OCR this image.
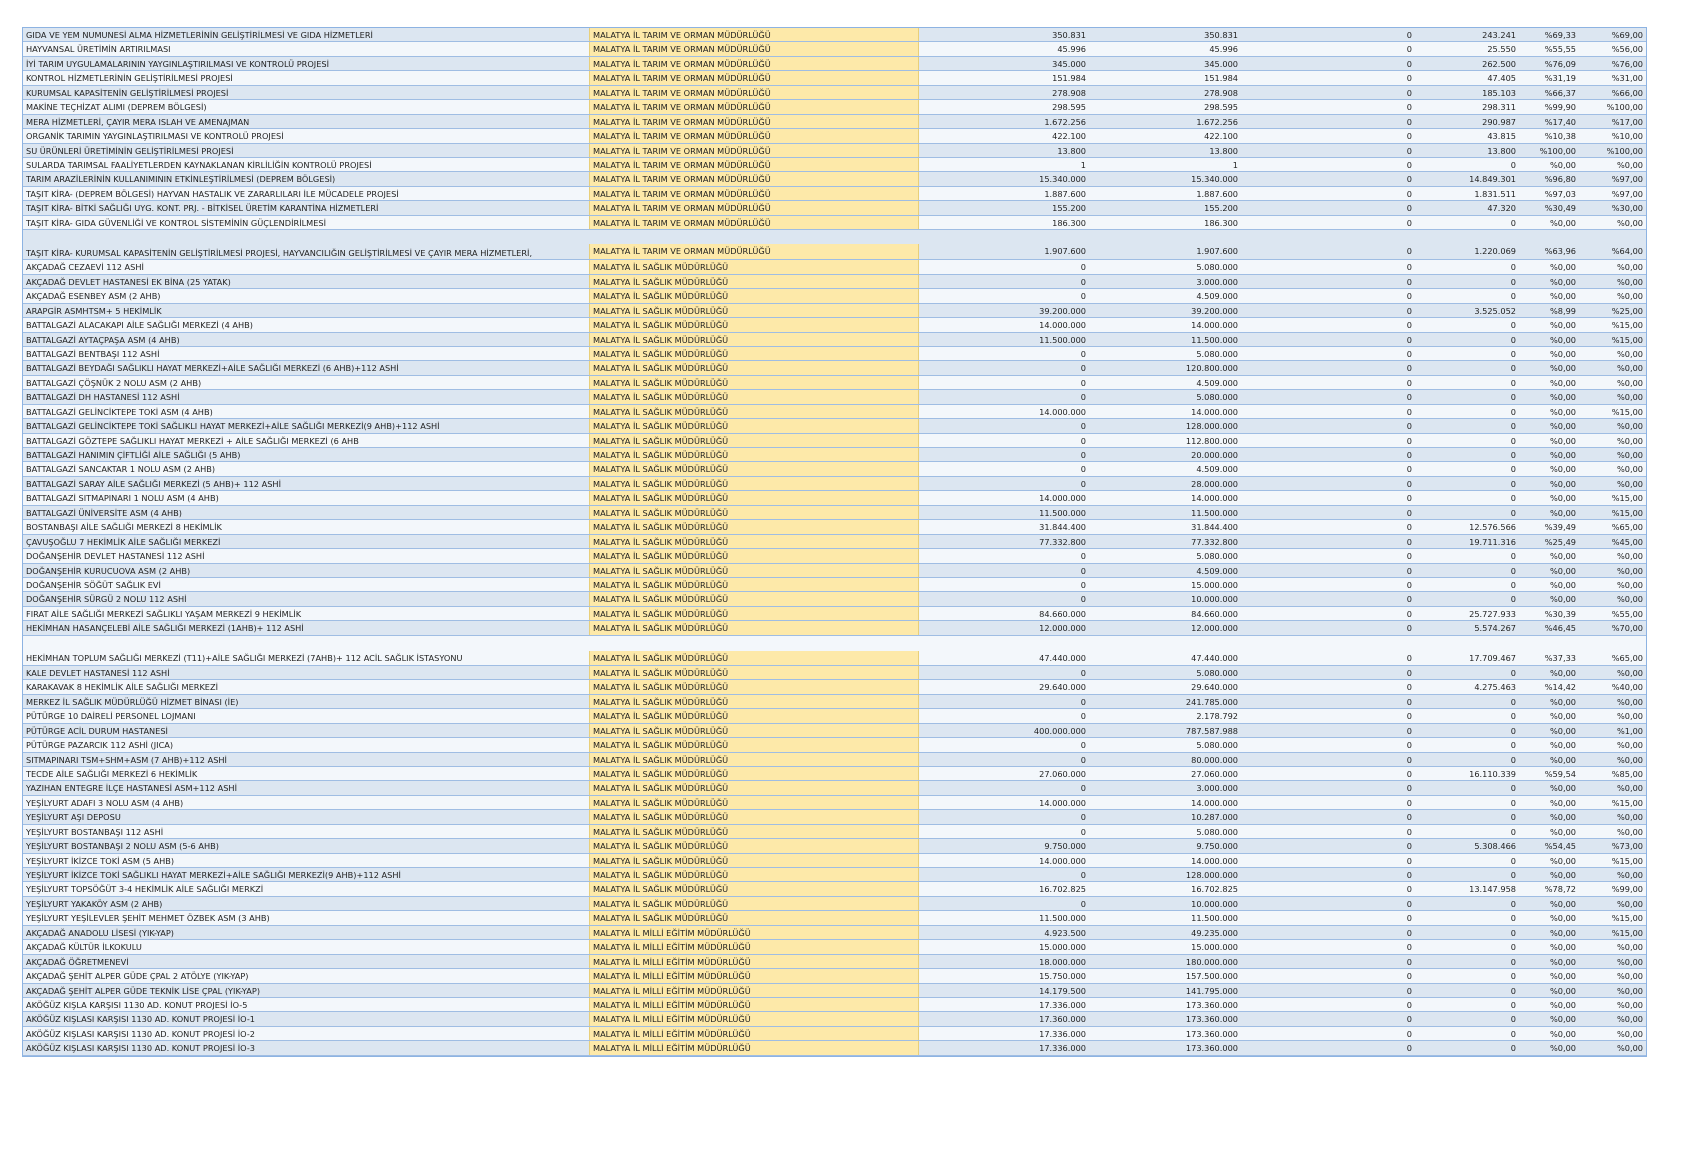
GIDA VE YEM NUMUNESİ ALMA HİZMETLERİNİN GELİŞTİRİLMESİ VE GIDA HİZMETLERİ	MALATYA İL TARIM VE ORMAN MÜDÜRLÜĞÜ	350.831	350.831	0	243.241	%69,33	%69,00
HAYVANSAL ÜRETİMİN ARTIRILMASI	MALATYA İL TARIM VE ORMAN MÜDÜRLÜĞÜ	45.996	45.996	0	25.550	%55,55	%56,00
İYİ TARIM UYGULAMALARININ YAYGINLAŞTIRILMASI VE KONTROLÜ PROJESİ	MALATYA İL TARIM VE ORMAN MÜDÜRLÜĞÜ	345.000	345.000	0	262.500	%76,09	%76,00
KONTROL HİZMETLERİNİN GELİŞTİRİLMESİ PROJESİ	MALATYA İL TARIM VE ORMAN MÜDÜRLÜĞÜ	151.984	151.984	0	47.405	%31,19	%31,00
KURUMSAL KAPASİTENİN GELİŞTİRİLMESİ PROJESİ	MALATYA İL TARIM VE ORMAN MÜDÜRLÜĞÜ	278.908	278.908	0	185.103	%66,37	%66,00
MAKİNE TEÇHİZAT ALIMI (DEPREM BÖLGESİ)	MALATYA İL TARIM VE ORMAN MÜDÜRLÜĞÜ	298.595	298.595	0	298.311	%99,90	%100,00
MERA HİZMETLERİ, ÇAYIR MERA ISLAH VE AMENAJMAN	MALATYA İL TARIM VE ORMAN MÜDÜRLÜĞÜ	1.672.256	1.672.256	0	290.987	%17,40	%17,00
ORGANİK TARIMIN YAYGINLAŞTIRILMASI VE KONTROLÜ PROJESİ	MALATYA İL TARIM VE ORMAN MÜDÜRLÜĞÜ	422.100	422.100	0	43.815	%10,38	%10,00
SU ÜRÜNLERİ ÜRETİMİNİN GELİŞTİRİLMESİ PROJESİ	MALATYA İL TARIM VE ORMAN MÜDÜRLÜĞÜ	13.800	13.800	0	13.800	%100,00	%100,00
SULARDA TARIMSAL FAALİYETLERDEN KAYNAKLANAN KİRLİLİĞİN KONTROLÜ PROJESİ	MALATYA İL TARIM VE ORMAN MÜDÜRLÜĞÜ	1	1	0	0	%0,00	%0,00
TARIM ARAZİLERİNİN KULLANIMININ ETKİNLEŞTİRİLMESİ (DEPREM BÖLGESİ)	MALATYA İL TARIM VE ORMAN MÜDÜRLÜĞÜ	15.340.000	15.340.000	0	14.849.301	%96,80	%97,00
TAŞIT KİRA- (DEPREM BÖLGESİ) HAYVAN HASTALIK VE ZARARLILARI İLE MÜCADELE PROJESİ	MALATYA İL TARIM VE ORMAN MÜDÜRLÜĞÜ	1.887.600	1.887.600	0	1.831.511	%97,03	%97,00
TAŞIT KİRA- BİTKİ SAĞLIĞI UYG. KONT. PRJ. - BİTKİSEL ÜRETİM KARANTİNA HİZMETLERİ	MALATYA İL TARIM VE ORMAN MÜDÜRLÜĞÜ	155.200	155.200	0	47.320	%30,49	%30,00
TAŞIT KİRA- GIDA GÜVENLİĞİ VE KONTROL SİSTEMİNİN GÜÇLENDİRİLMESİ	MALATYA İL TARIM VE ORMAN MÜDÜRLÜĞÜ	186.300	186.300	0	0	%0,00	%0,00
TAŞIT KİRA- KURUMSAL KAPASİTENİN GELİŞTİRİLMESİ PROJESİ, HAYVANCILIĞIN GELİŞTİRİLMESİ VE ÇAYIR MERA HİZMETLERİ,	MALATYA İL TARIM VE ORMAN MÜDÜRLÜĞÜ	1.907.600	1.907.600	0	1.220.069	%63,96	%64,00
AKÇADAĞ CEZAEVİ 112 ASHİ	MALATYA İL SAĞLIK MÜDÜRLÜĞÜ	0	5.080.000	0	0	%0,00	%0,00
AKÇADAĞ DEVLET HASTANESİ EK BİNA (25 YATAK)	MALATYA İL SAĞLIK MÜDÜRLÜĞÜ	0	3.000.000	0	0	%0,00	%0,00
AKÇADAĞ ESENBEY ASM (2 AHB)	MALATYA İL SAĞLIK MÜDÜRLÜĞÜ	0	4.509.000	0	0	%0,00	%0,00
ARAPGİR ASMHTSM+ 5 HEKİMLİK	MALATYA İL SAĞLIK MÜDÜRLÜĞÜ	39.200.000	39.200.000	0	3.525.052	%8,99	%25,00
BATTALGAZİ ALACAKAPI AİLE SAĞLIĞI MERKEZİ (4 AHB)	MALATYA İL SAĞLIK MÜDÜRLÜĞÜ	14.000.000	14.000.000	0	0	%0,00	%15,00
BATTALGAZİ AYTAÇPAŞA ASM (4 AHB)	MALATYA İL SAĞLIK MÜDÜRLÜĞÜ	11.500.000	11.500.000	0	0	%0,00	%15,00
BATTALGAZİ BENTBAŞI 112 ASHİ	MALATYA İL SAĞLIK MÜDÜRLÜĞÜ	0	5.080.000	0	0	%0,00	%0,00
BATTALGAZİ BEYDAĞI SAĞLIKLI HAYAT MERKEZİ+AİLE SAĞLIĞI MERKEZİ (6 AHB)+112 ASHİ	MALATYA İL SAĞLIK MÜDÜRLÜĞÜ	0	120.800.000	0	0	%0,00	%0,00
BATTALGAZİ ÇÖŞNÜK 2 NOLU ASM (2 AHB)	MALATYA İL SAĞLIK MÜDÜRLÜĞÜ	0	4.509.000	0	0	%0,00	%0,00
BATTALGAZİ DH HASTANESİ 112 ASHİ	MALATYA İL SAĞLIK MÜDÜRLÜĞÜ	0	5.080.000	0	0	%0,00	%0,00
BATTALGAZİ GELİNCİKTEPE TOKİ ASM (4 AHB)	MALATYA İL SAĞLIK MÜDÜRLÜĞÜ	14.000.000	14.000.000	0	0	%0,00	%15,00
BATTALGAZİ GELİNCİKTEPE TOKİ SAĞLIKLI HAYAT MERKEZİ+AİLE SAĞLIĞI MERKEZİ(9 AHB)+112 ASHİ	MALATYA İL SAĞLIK MÜDÜRLÜĞÜ	0	128.000.000	0	0	%0,00	%0,00
BATTALGAZİ GÖZTEPE SAĞLIKLI HAYAT MERKEZİ + AİLE SAĞLIĞI MERKEZİ (6 AHB	MALATYA İL SAĞLIK MÜDÜRLÜĞÜ	0	112.800.000	0	0	%0,00	%0,00
BATTALGAZİ HANIMIN ÇİFTLİĞİ AİLE SAĞLIĞI (5 AHB)	MALATYA İL SAĞLIK MÜDÜRLÜĞÜ	0	20.000.000	0	0	%0,00	%0,00
BATTALGAZİ SANCAKTAR 1 NOLU ASM (2 AHB)	MALATYA İL SAĞLIK MÜDÜRLÜĞÜ	0	4.509.000	0	0	%0,00	%0,00
BATTALGAZİ SARAY AİLE SAĞLIĞI MERKEZİ (5 AHB)+ 112 ASHİ	MALATYA İL SAĞLIK MÜDÜRLÜĞÜ	0	28.000.000	0	0	%0,00	%0,00
BATTALGAZİ SITMAPINARI 1 NOLU ASM (4 AHB)	MALATYA İL SAĞLIK MÜDÜRLÜĞÜ	14.000.000	14.000.000	0	0	%0,00	%15,00
BATTALGAZİ ÜNİVERSİTE ASM (4 AHB)	MALATYA İL SAĞLIK MÜDÜRLÜĞÜ	11.500.000	11.500.000	0	0	%0,00	%15,00
BOSTANBAŞI AİLE SAĞLIĞI MERKEZİ 8 HEKİMLİK	MALATYA İL SAĞLIK MÜDÜRLÜĞÜ	31.844.400	31.844.400	0	12.576.566	%39,49	%65,00
ÇAVUŞOĞLU 7 HEKİMLİK AİLE SAĞLIĞI MERKEZİ	MALATYA İL SAĞLIK MÜDÜRLÜĞÜ	77.332.800	77.332.800	0	19.711.316	%25,49	%45,00
DOĞANŞEHİR DEVLET HASTANESİ 112 ASHİ	MALATYA İL SAĞLIK MÜDÜRLÜĞÜ	0	5.080.000	0	0	%0,00	%0,00
DOĞANŞEHİR KURUCUOVA ASM (2 AHB)	MALATYA İL SAĞLIK MÜDÜRLÜĞÜ	0	4.509.000	0	0	%0,00	%0,00
DOĞANŞEHİR SÖĞÜT SAĞLIK EVİ	MALATYA İL SAĞLIK MÜDÜRLÜĞÜ	0	15.000.000	0	0	%0,00	%0,00
DOĞANŞEHİR SÜRGÜ 2 NOLU 112 ASHİ	MALATYA İL SAĞLIK MÜDÜRLÜĞÜ	0	10.000.000	0	0	%0,00	%0,00
FIRAT AİLE SAĞLIĞI MERKEZİ SAĞLIKLI YAŞAM MERKEZİ 9 HEKİMLİK	MALATYA İL SAĞLIK MÜDÜRLÜĞÜ	84.660.000	84.660.000	0	25.727.933	%30,39	%55,00
HEKİMHAN HASANÇELEBİ AİLE SAĞLIĞI MERKEZİ (1AHB)+ 112 ASHİ	MALATYA İL SAĞLIK MÜDÜRLÜĞÜ	12.000.000	12.000.000	0	5.574.267	%46,45	%70,00
HEKİMHAN TOPLUM SAĞLIĞI MERKEZİ (T11)+AİLE SAĞLIĞI MERKEZİ (7AHB)+ 112 ACİL SAĞLIK İSTASYONU	MALATYA İL SAĞLIK MÜDÜRLÜĞÜ	47.440.000	47.440.000	0	17.709.467	%37,33	%65,00
KALE DEVLET HASTANESİ 112 ASHİ	MALATYA İL SAĞLIK MÜDÜRLÜĞÜ	0	5.080.000	0	0	%0,00	%0,00
KARAKAVAK 8 HEKİMLİK AİLE SAĞLIĞI MERKEZİ	MALATYA İL SAĞLIK MÜDÜRLÜĞÜ	29.640.000	29.640.000	0	4.275.463	%14,42	%40,00
MERKEZ İL SAĞLIK MÜDÜRLÜĞÜ HİZMET BİNASI (İE)	MALATYA İL SAĞLIK MÜDÜRLÜĞÜ	0	241.785.000	0	0	%0,00	%0,00
PÜTÜRGE 10 DAİRELİ PERSONEL LOJMANI	MALATYA İL SAĞLIK MÜDÜRLÜĞÜ	0	2.178.792	0	0	%0,00	%0,00
PÜTÜRGE ACİL DURUM HASTANESİ	MALATYA İL SAĞLIK MÜDÜRLÜĞÜ	400.000.000	787.587.988	0	0	%0,00	%1,00
PÜTÜRGE PAZARCIK 112 ASHİ (JICA)	MALATYA İL SAĞLIK MÜDÜRLÜĞÜ	0	5.080.000	0	0	%0,00	%0,00
SITMAPINARI TSM+SHM+ASM (7 AHB)+112 ASHİ	MALATYA İL SAĞLIK MÜDÜRLÜĞÜ	0	80.000.000	0	0	%0,00	%0,00
TECDE AİLE SAĞLIĞI MERKEZİ 6 HEKİMLİK	MALATYA İL SAĞLIK MÜDÜRLÜĞÜ	27.060.000	27.060.000	0	16.110.339	%59,54	%85,00
YAZIHAN ENTEGRE İLÇE HASTANESİ ASM+112 ASHİ	MALATYA İL SAĞLIK MÜDÜRLÜĞÜ	0	3.000.000	0	0	%0,00	%0,00
YEŞİLYURT ADAFI 3 NOLU ASM (4 AHB)	MALATYA İL SAĞLIK MÜDÜRLÜĞÜ	14.000.000	14.000.000	0	0	%0,00	%15,00
YEŞİLYURT AŞI DEPOSU	MALATYA İL SAĞLIK MÜDÜRLÜĞÜ	0	10.287.000	0	0	%0,00	%0,00
YEŞİLYURT BOSTANBAŞI 112 ASHİ	MALATYA İL SAĞLIK MÜDÜRLÜĞÜ	0	5.080.000	0	0	%0,00	%0,00
YEŞİLYURT BOSTANBAŞI 2 NOLU ASM (5-6 AHB)	MALATYA İL SAĞLIK MÜDÜRLÜĞÜ	9.750.000	9.750.000	0	5.308.466	%54,45	%73,00
YEŞİLYURT İKİZCE TOKİ ASM (5 AHB)	MALATYA İL SAĞLIK MÜDÜRLÜĞÜ	14.000.000	14.000.000	0	0	%0,00	%15,00
YEŞİLYURT İKİZCE TOKİ SAĞLIKLI HAYAT MERKEZİ+AİLE SAĞLIĞI MERKEZİ(9 AHB)+112 ASHİ	MALATYA İL SAĞLIK MÜDÜRLÜĞÜ	0	128.000.000	0	0	%0,00	%0,00
YEŞİLYURT TOPSÖĞÜT 3-4 HEKİMLİK AİLE SAĞLIĞI MERKZİ	MALATYA İL SAĞLIK MÜDÜRLÜĞÜ	16.702.825	16.702.825	0	13.147.958	%78,72	%99,00
YEŞİLYURT YAKAKÖY ASM (2 AHB)	MALATYA İL SAĞLIK MÜDÜRLÜĞÜ	0	10.000.000	0	0	%0,00	%0,00
YEŞİLYURT YEŞİLEVLER ŞEHİT MEHMET ÖZBEK ASM (3 AHB)	MALATYA İL SAĞLIK MÜDÜRLÜĞÜ	11.500.000	11.500.000	0	0	%0,00	%15,00
AKÇADAĞ ANADOLU LİSESİ (YIK-YAP)	MALATYA İL MİLLİ EĞİTİM MÜDÜRLÜĞÜ	4.923.500	49.235.000	0	0	%0,00	%15,00
AKÇADAĞ KÜLTÜR İLKOKULU	MALATYA İL MİLLİ EĞİTİM MÜDÜRLÜĞÜ	15.000.000	15.000.000	0	0	%0,00	%0,00
AKÇADAĞ ÖĞRETMENEVİ	MALATYA İL MİLLİ EĞİTİM MÜDÜRLÜĞÜ	18.000.000	180.000.000	0	0	%0,00	%0,00
AKÇADAĞ ŞEHİT ALPER GÜDE ÇPAL 2 ATÖLYE (YIK-YAP)	MALATYA İL MİLLİ EĞİTİM MÜDÜRLÜĞÜ	15.750.000	157.500.000	0	0	%0,00	%0,00
AKÇADAĞ ŞEHİT ALPER GÜDE TEKNİK LİSE ÇPAL (YIK-YAP)	MALATYA İL MİLLİ EĞİTİM MÜDÜRLÜĞÜ	14.179.500	141.795.000	0	0	%0,00	%0,00
AKÖĞÜZ KIŞLA KARŞISI 1130 AD. KONUT PROJESİ İO-5	MALATYA İL MİLLİ EĞİTİM MÜDÜRLÜĞÜ	17.336.000	173.360.000	0	0	%0,00	%0,00
AKÖĞÜZ KIŞLASI KARŞISI 1130 AD. KONUT PROJESİ İO-1	MALATYA İL MİLLİ EĞİTİM MÜDÜRLÜĞÜ	17.360.000	173.360.000	0	0	%0,00	%0,00
AKÖĞÜZ KIŞLASI KARŞISI 1130 AD. KONUT PROJESİ İO-2	MALATYA İL MİLLİ EĞİTİM MÜDÜRLÜĞÜ	17.336.000	173.360.000	0	0	%0,00	%0,00
AKÖĞÜZ KIŞLASI KARŞISI 1130 AD. KONUT PROJESİ İO-3	MALATYA İL MİLLİ EĞİTİM MÜDÜRLÜĞÜ	17.336.000	173.360.000	0	0	%0,00	%0,00
